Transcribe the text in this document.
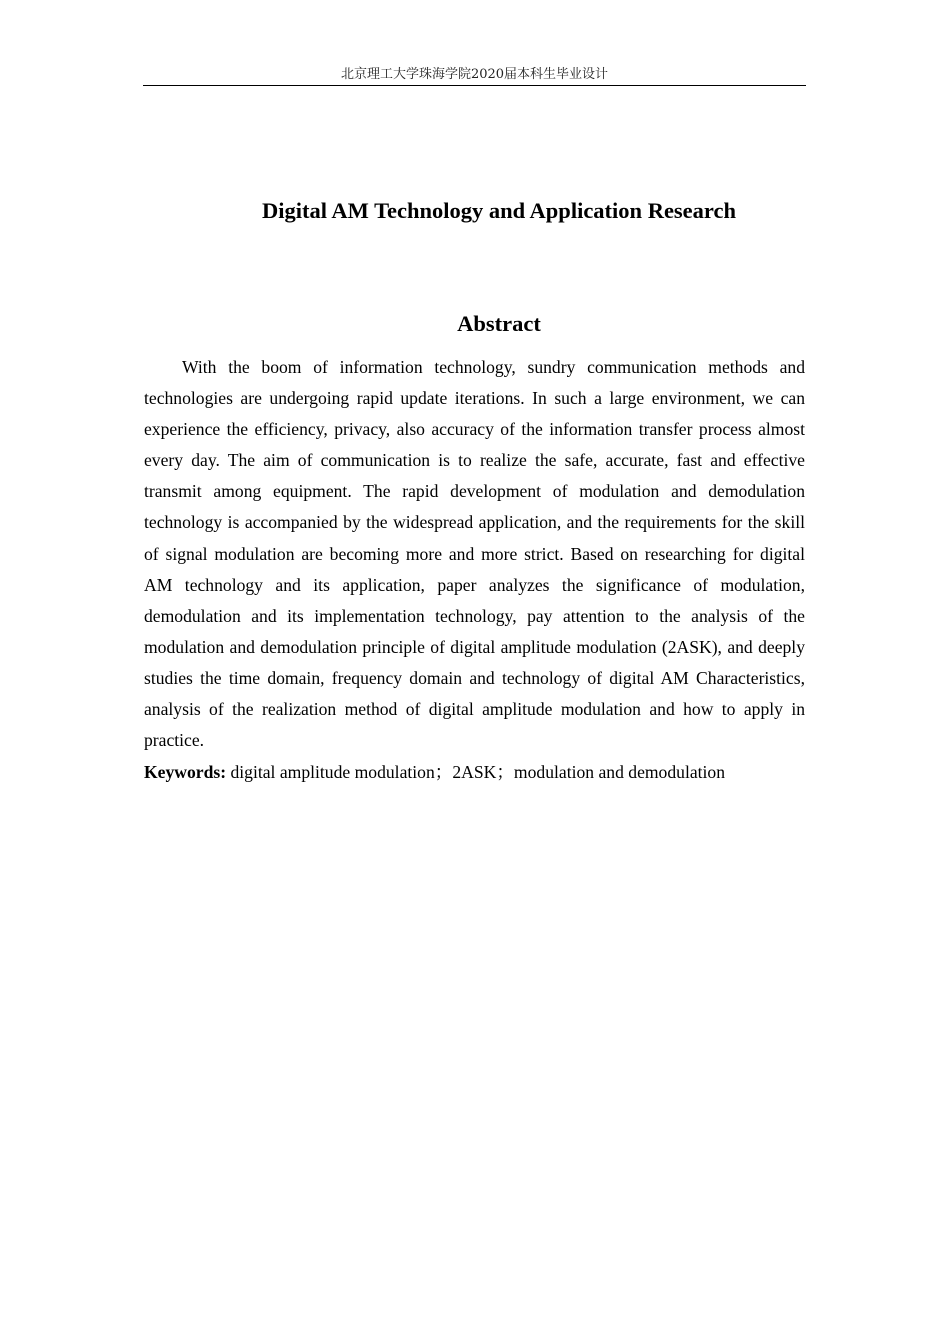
北京理工大学珠海学院2020届本科生毕业设计
Digital AM Technology and Application Research
Abstract

With the boom of information technology, sundry communication methods and technologies are undergoing rapid update iterations. In such a large environment, we can experience the efficiency, privacy, also accuracy of the information transfer process almost every day. The aim of communication is to realize the safe, accurate, fast and effective transmit among equipment. The rapid development of modulation and demodulation technology is accompanied by the widespread application, and the requirements for the skill of signal modulation are becoming more and more strict. Based on researching for digital AM technology and its application, paper analyzes the significance of modulation, demodulation and its implementation technology, pay attention to the analysis of the modulation and demodulation principle of digital amplitude modulation (2ASK), and deeply studies the time domain, frequency domain and technology of digital AM Characteristics, analysis of the realization method of digital amplitude modulation and how to apply in practice.

Keywords: digital amplitude modulation；2ASK；modulation and demodulation
